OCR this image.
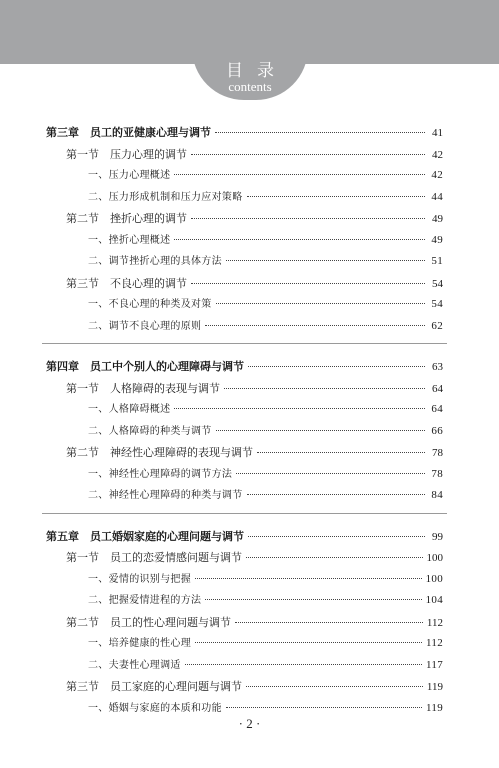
目录
contents
第三章　员工的亚健康心理与调节	41
第一节　压力心理的调节	42
一、压力心理概述	42
二、压力形成机制和压力应对策略	44
第二节　挫折心理的调节	49
一、挫折心理概述	49
二、调节挫折心理的具体方法	51
第三节　不良心理的调节	54
一、不良心理的种类及对策	54
二、调节不良心理的原则	62
第四章　员工中个别人的心理障碍与调节	63
第一节　人格障碍的表现与调节	64
一、人格障碍概述	64
二、人格障碍的种类与调节	66
第二节　神经性心理障碍的表现与调节	78
一、神经性心理障碍的调节方法	78
二、神经性心理障碍的种类与调节	84
第五章　员工婚姻家庭的心理问题与调节	99
第一节　员工的恋爱情感问题与调节	100
一、爱情的识别与把握	100
二、把握爱情进程的方法	104
第二节　员工的性心理问题与调节	112
一、培养健康的性心理	112
二、夫妻性心理调适	117
第三节　员工家庭的心理问题与调节	119
一、婚姻与家庭的本质和功能	119
· 2 ·
